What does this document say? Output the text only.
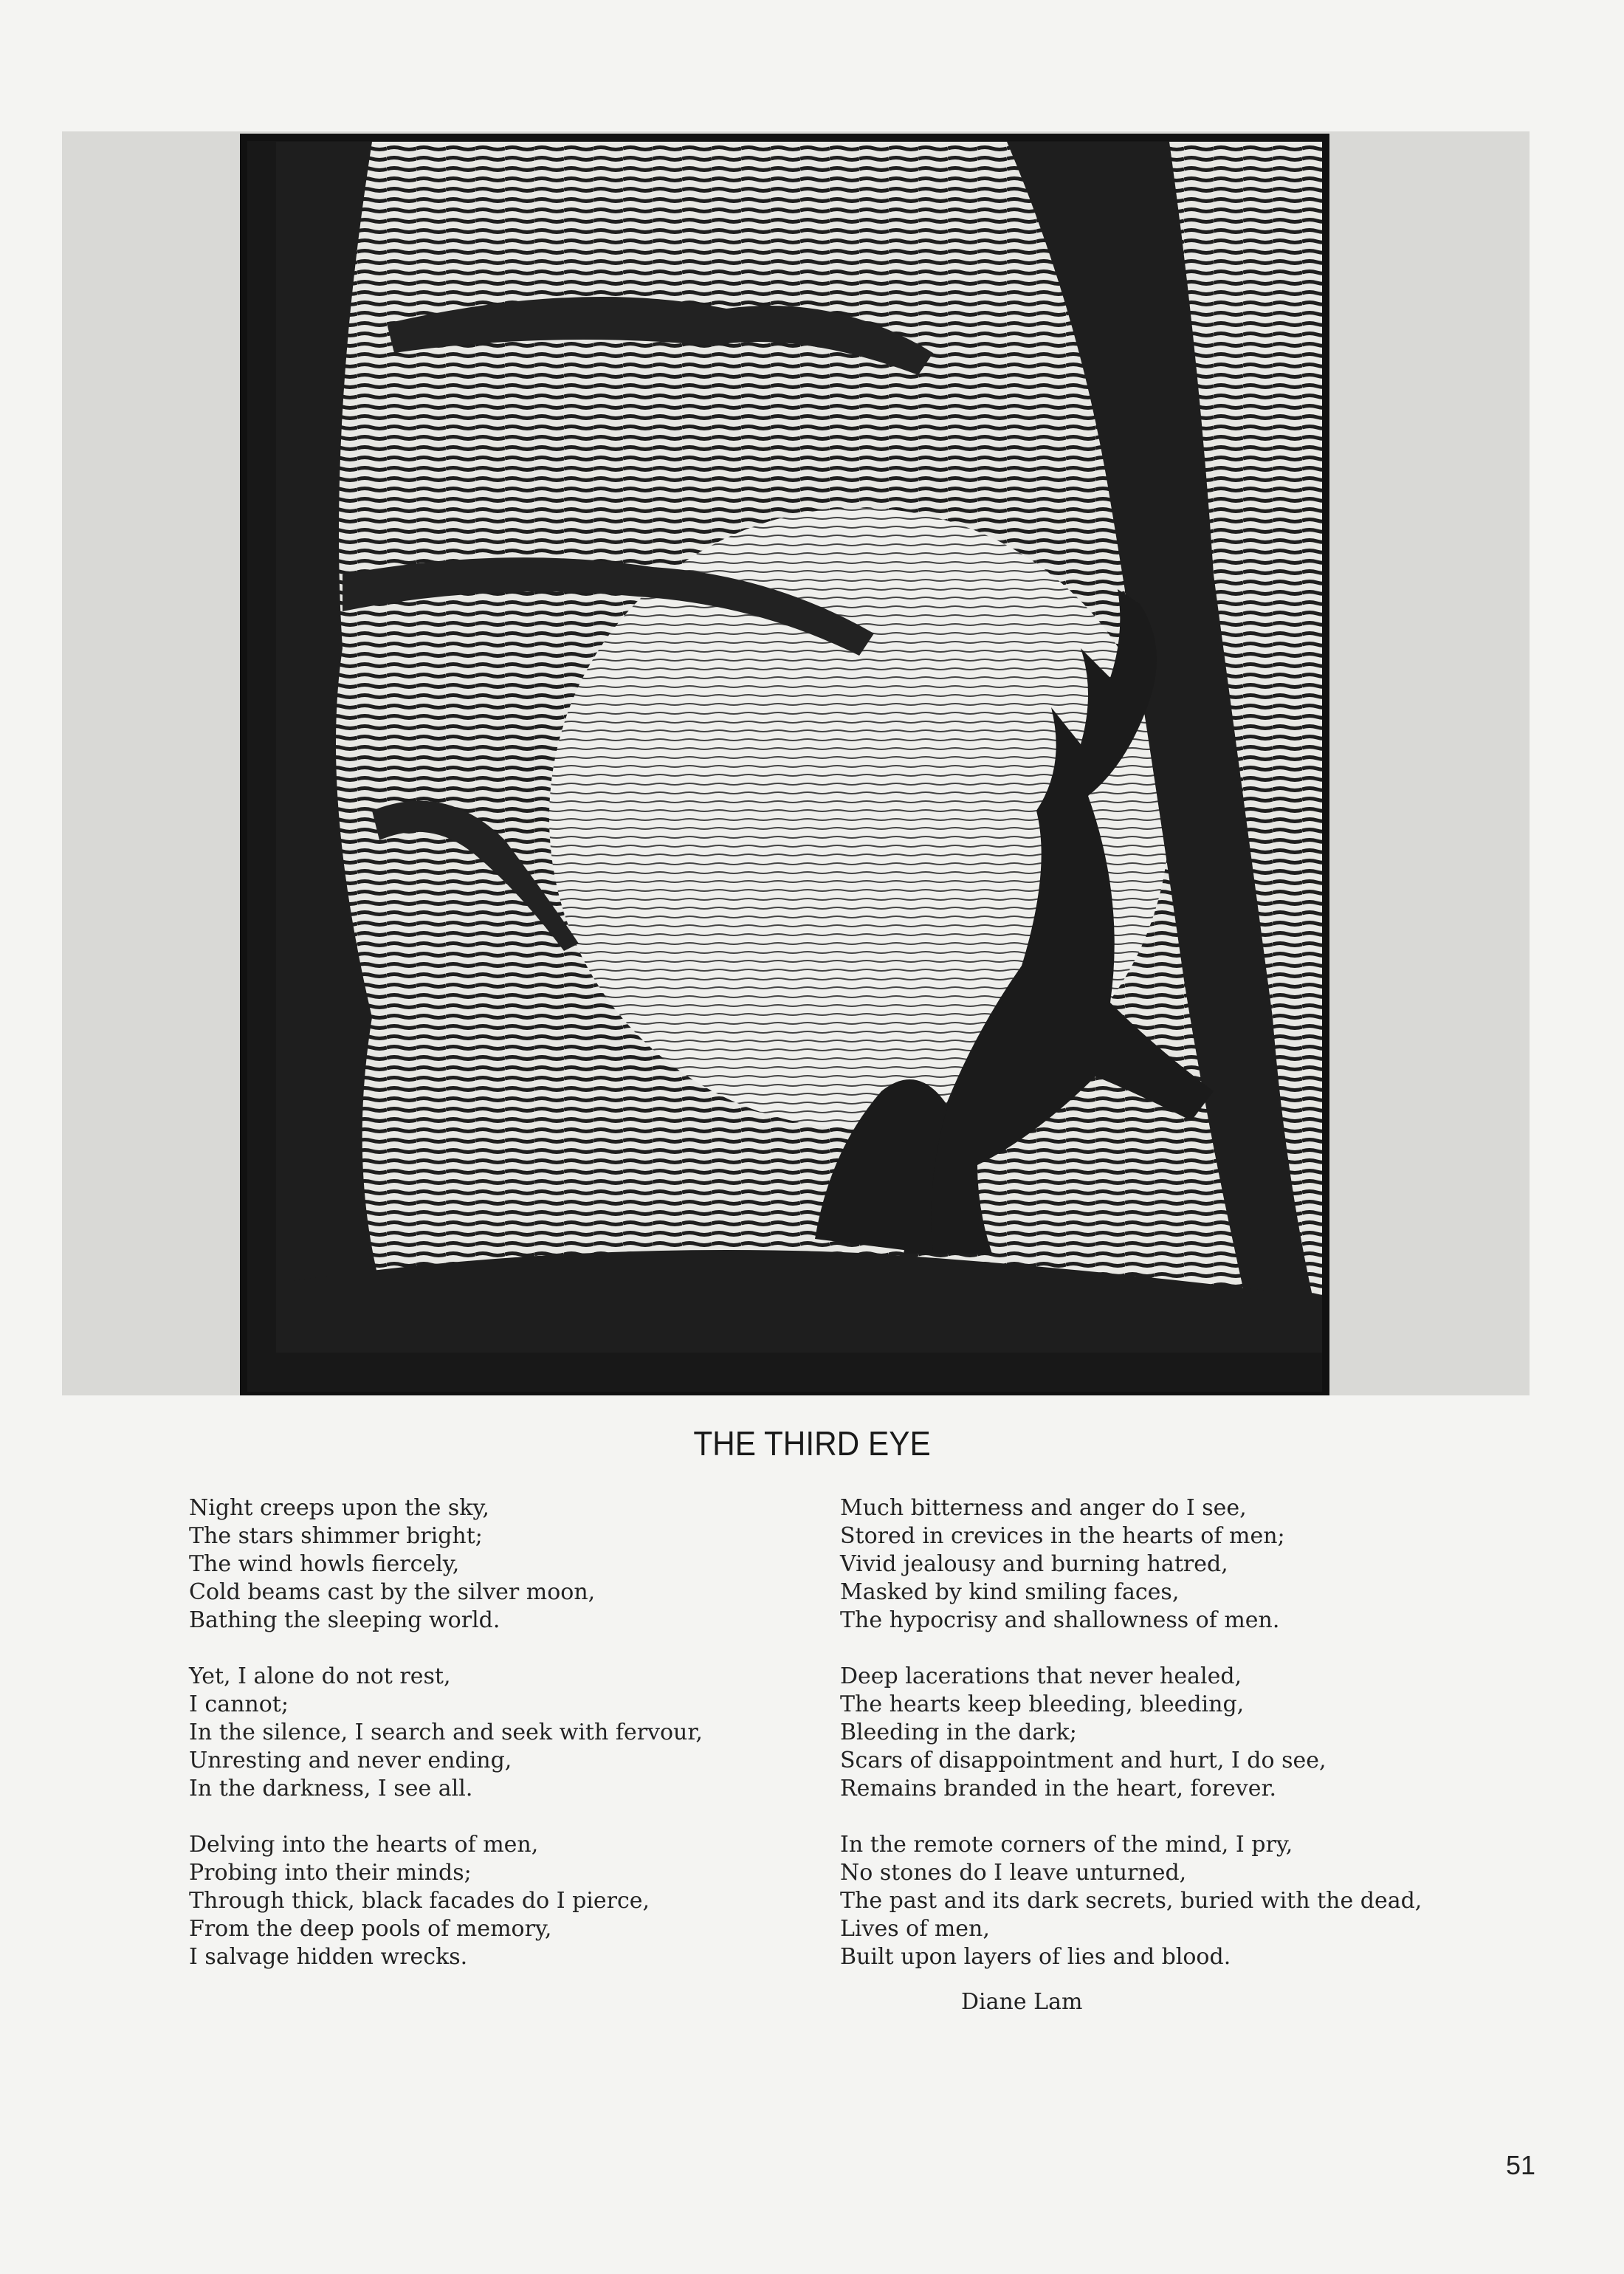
THE THIRD EYE
Night creeps upon the sky,
The stars shimmer bright;
The wind howls fiercely,
Cold beams cast by the silver moon,
Bathing the sleeping world.
Yet, I alone do not rest,
I cannot;
In the silence, I search and seek with fervour,
Unresting and never ending,
In the darkness, I see all.
Delving into the hearts of men,
Probing into their minds;
Through thick, black facades do I pierce,
From the deep pools of memory,
I salvage hidden wrecks.
Much bitterness and anger do I see,
Stored in crevices in the hearts of men;
Vivid jealousy and burning hatred,
Masked by kind smiling faces,
The hypocrisy and shallowness of men.
Deep lacerations that never healed,
The hearts keep bleeding, bleeding,
Bleeding in the dark;
Scars of disappointment and hurt, I do see,
Remains branded in the heart, forever.
In the remote corners of the mind, I pry,
No stones do I leave unturned,
The past and its dark secrets, buried with the dead,
Lives of men,
Built upon layers of lies and blood.
Diane Lam
51
